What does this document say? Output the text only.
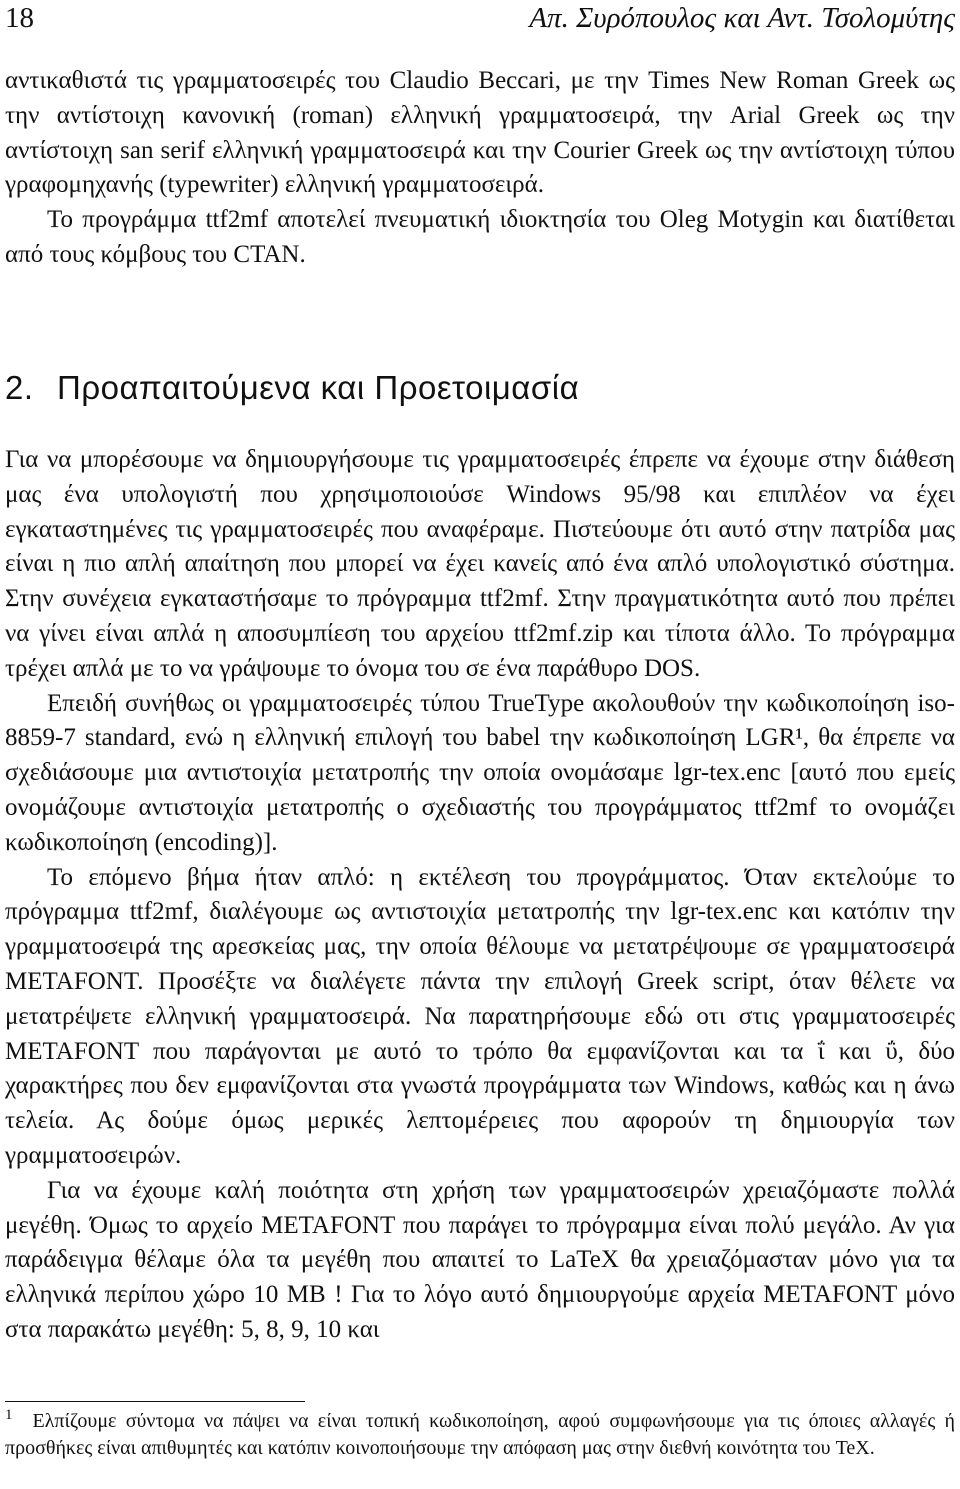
18	Απ. Συρόπουλος και Αντ. Τσολομύτης

αντικαθιστά τις γραμματοσειρές του Claudio Beccari, με την Times New Roman Greek ως την αντίστοιχη κανονική (roman) ελληνική γραμματοσειρά, την Arial Greek ως την αντίστοιχη san serif ελληνική γραμματοσειρά και την Courier Greek ως την αντίστοιχη τύπου γραφομηχανής (typewriter) ελληνική γραμματοσειρά.

Το προγράμμα ttf2mf αποτελεί πνευματική ιδιοκτησία του Oleg Motygin και διατίθεται από τους κόμβους του CTAN.

2. Προαπαιτούμενα και Προετοιμασία

Για να μπορέσουμε να δημιουργήσουμε τις γραμματοσειρές έπρεπε να έχουμε στην διάθεση μας ένα υπολογιστή που χρησιμοποιούσε Windows 95/98 και επιπλέον να έχει εγκαταστημένες τις γραμματοσειρές που αναφέραμε. Πιστεύουμε ότι αυτό στην πατρίδα μας είναι η πιο απλή απαίτηση που μπορεί να έχει κανείς από ένα απλό υπολογιστικό σύστημα. Στην συνέχεια εγκαταστήσαμε το πρόγραμμα ttf2mf. Στην πραγματικότητα αυτό που πρέπει να γίνει είναι απλά η αποσυμπίεση του αρχείου ttf2mf.zip και τίποτα άλλο. Το πρόγραμμα τρέχει απλά με το να γράψουμε το όνομα του σε ένα παράθυρο DOS.

Επειδή συνήθως οι γραμματοσειρές τύπου TrueType ακολουθούν την κωδικοποίηση iso-8859-7 standard, ενώ η ελληνική επιλογή του babel την κωδικοποίηση LGR¹, θα έπρεπε να σχεδιάσουμε μια αντιστοιχία μετατροπής την οποία ονομάσαμε lgr-tex.enc [αυτό που εμείς ονομάζουμε αντιστοιχία μετατροπής ο σχεδιαστής του προγράμματος ttf2mf το ονομάζει κωδικοποίηση (encoding)].

Το επόμενο βήμα ήταν απλό: η εκτέλεση του προγράμματος. Όταν εκτελούμε το πρόγραμμα ttf2mf, διαλέγουμε ως αντιστοιχία μετατροπής την lgr-tex.enc και κατόπιν την γραμματοσειρά της αρεσκείας μας, την οποία θέλουμε να μετατρέψουμε σε γραμματοσειρά METAFONT. Προσέξτε να διαλέγετε πάντα την επιλογή Greek script, όταν θέλετε να μετατρέψετε ελληνική γραμματοσειρά. Να παρατηρήσουμε εδώ οτι στις γραμματοσειρές METAFONT που παράγονται με αυτό το τρόπο θα εμφανίζονται και τα ΐ και ΰ, δύο χαρακτήρες που δεν εμφανίζονται στα γνωστά προγράμματα των Windows, καθώς και η άνω τελεία. Ας δούμε όμως μερικές λεπτομέρειες που αφορούν τη δημιουργία των γραμματοσειρών.

Για να έχουμε καλή ποιότητα στη χρήση των γραμματοσειρών χρειαζόμαστε πολλά μεγέθη. Όμως το αρχείο METAFONT που παράγει το πρόγραμμα είναι πολύ μεγάλο. Αν για παράδειγμα θέλαμε όλα τα μεγέθη που απαιτεί το LaTeX θα χρειαζόμασταν μόνο για τα ελληνικά περίπου χώρο 10 MB ! Για το λόγο αυτό δημιουργούμε αρχεία METAFONT μόνο στα παρακάτω μεγέθη: 5, 8, 9, 10 και

$^1$ Ελπίζουμε σύντομα να πάψει να είναι τοπική κωδικοποίηση, αφού συμφωνήσουμε για τις όποιες αλλαγές ή προσθήκες είναι απιθυμητές και κατόπιν κοινοποιήσουμε την απόφαση μας στην διεθνή κοινότητα του TeX.
